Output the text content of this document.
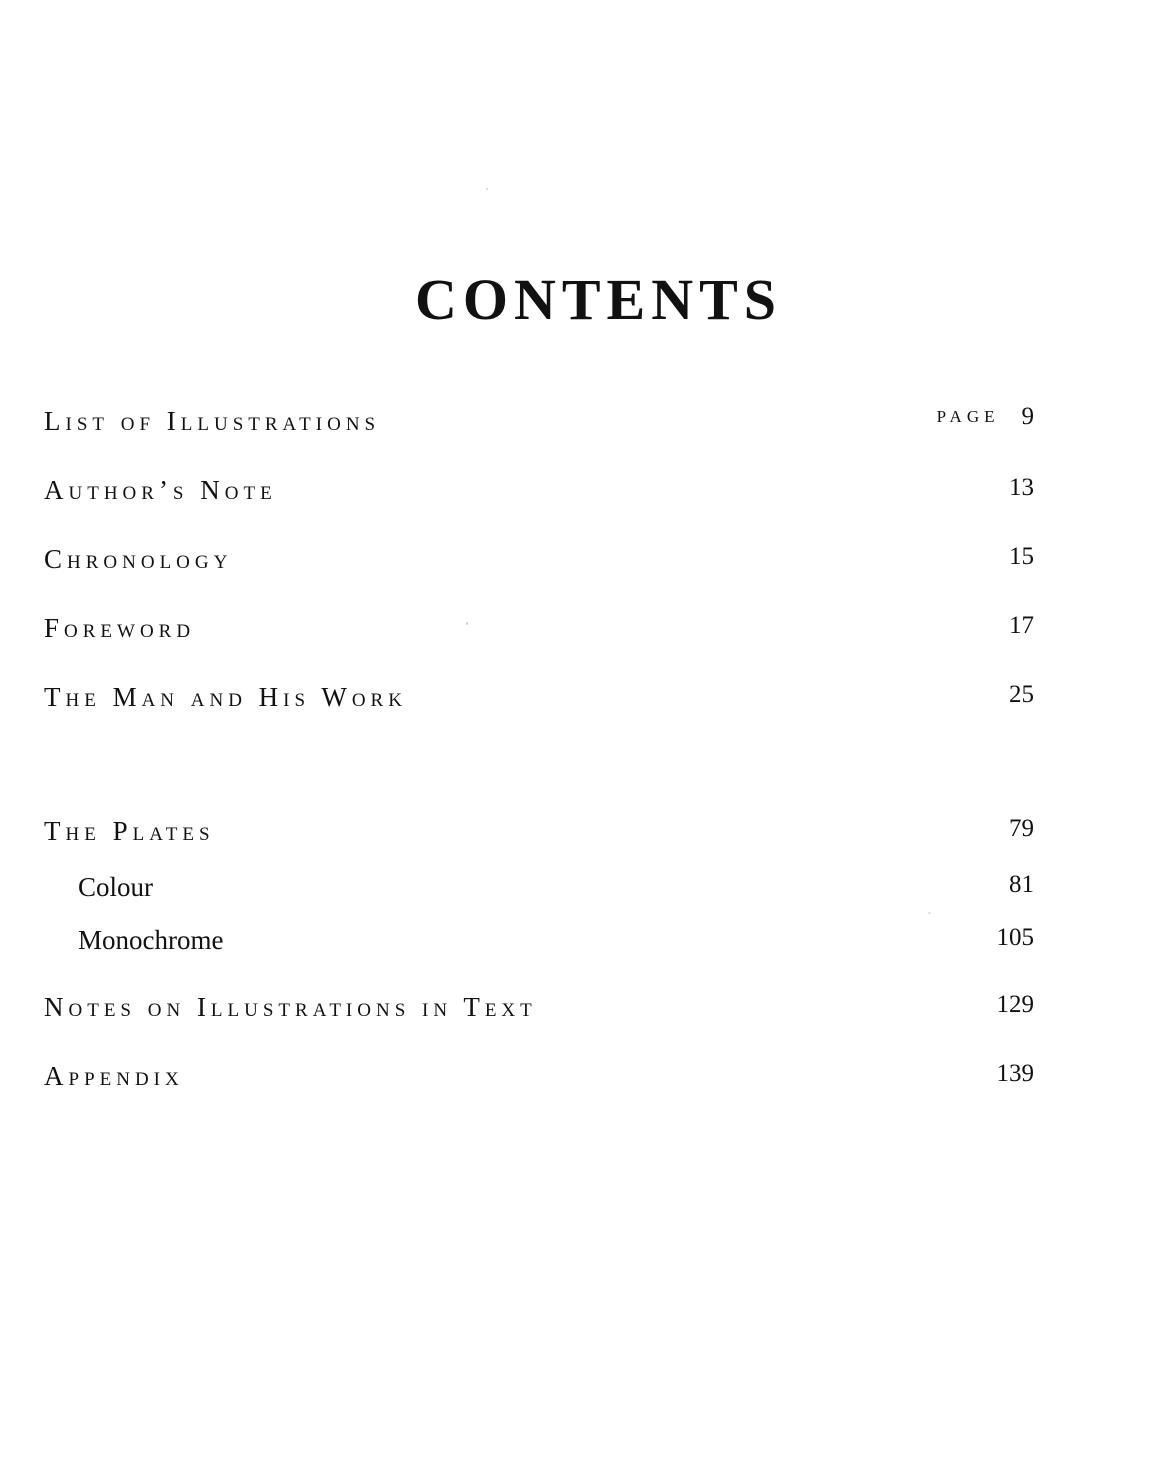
CONTENTS
List of Illustrations	PAGE 9
Author’s Note	13
Chronology	15
Foreword	17
The Man and His Work	25
The Plates	79
Colour	81
Monochrome	105
Notes on Illustrations in Text	129
Appendix	139
